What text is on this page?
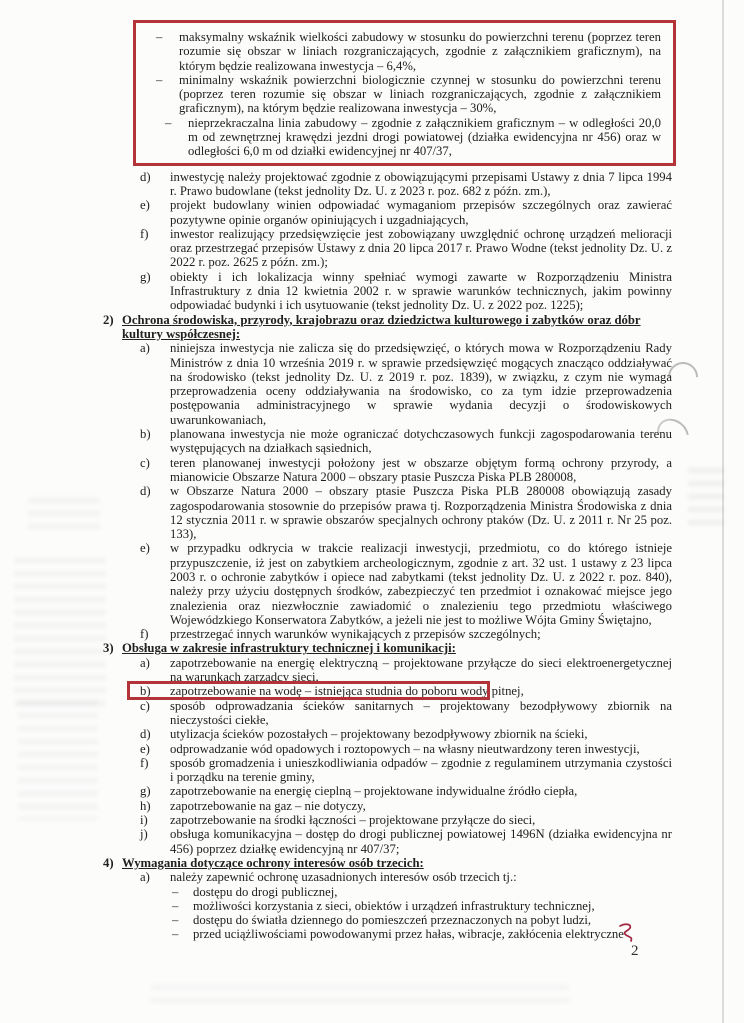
–	maksymalny wskaźnik wielkości zabudowy w stosunku do powierzchni terenu (poprzez teren rozumie się obszar w liniach rozgraniczających, zgodnie z załącznikiem graficznym), na którym będzie realizowana inwestycja – 6,4%,
–	minimalny wskaźnik powierzchni biologicznie czynnej w stosunku do powierzchni terenu (poprzez teren rozumie się obszar w liniach rozgraniczających, zgodnie z załącznikiem graficznym), na którym będzie realizowana inwestycja – 30%,
–	nieprzekraczalna linia zabudowy – zgodnie z załącznikiem graficznym – w odległości 20,0 m od zewnętrznej krawędzi jezdni drogi powiatowej (działka ewidencyjna nr 456) oraz w odległości 6,0 m od działki ewidencyjnej nr 407/37,
d)	inwestycję należy projektować zgodnie z obowiązującymi przepisami Ustawy z dnia 7 lipca 1994 r. Prawo budowlane (tekst jednolity Dz. U. z 2023 r. poz. 682 z późn. zm.),
e)	projekt budowlany winien odpowiadać wymaganiom przepisów szczególnych oraz zawierać pozytywne opinie organów opiniujących i uzgadniających,
f)	inwestor realizujący przedsięwzięcie jest zobowiązany uwzględnić ochronę urządzeń melioracji oraz przestrzegać przepisów Ustawy z dnia 20 lipca 2017 r. Prawo Wodne (tekst jednolity Dz. U. z 2022 r. poz. 2625 z późn. zm.);
g)	obiekty i ich lokalizacja winny spełniać wymogi zawarte w Rozporządzeniu Ministra Infrastruktury z dnia 12 kwietnia 2002 r. w sprawie warunków technicznych, jakim powinny odpowiadać budynki i ich usytuowanie (tekst jednolity Dz. U. z 2022 poz. 1225);
2) Ochrona środowiska, przyrody, krajobrazu oraz dziedzictwa kulturowego i zabytków oraz dóbr kultury współczesnej:
a)	niniejsza inwestycja nie zalicza się do przedsięwzięć, o których mowa w Rozporządzeniu Rady Ministrów z dnia 10 września 2019 r. w sprawie przedsięwzięć mogących znacząco oddziaływać na środowisko (tekst jednolity Dz. U. z 2019 r. poz. 1839), w związku, z czym nie wymaga przeprowadzenia oceny oddziaływania na środowisko, co za tym idzie przeprowadzenia postępowania administracyjnego w sprawie wydania decyzji o środowiskowych uwarunkowaniach,
b)	planowana inwestycja nie może ograniczać dotychczasowych funkcji zagospodarowania terenu występujących na działkach sąsiednich,
c)	teren planowanej inwestycji położony jest w obszarze objętym formą ochrony przyrody, a mianowicie Obszarze Natura 2000 – obszary ptasie Puszcza Piska PLB 280008,
d)	w Obszarze Natura 2000 – obszary ptasie Puszcza Piska PLB 280008 obowiązują zasady zagospodarowania stosownie do przepisów prawa tj. Rozporządzenia Ministra Środowiska z dnia 12 stycznia 2011 r. w sprawie obszarów specjalnych ochrony ptaków (Dz. U. z 2011 r. Nr 25 poz. 133),
e)	w przypadku odkrycia w trakcie realizacji inwestycji, przedmiotu, co do którego istnieje przypuszczenie, iż jest on zabytkiem archeologicznym, zgodnie z art. 32 ust. 1 ustawy z 23 lipca 2003 r. o ochronie zabytków i opiece nad zabytkami (tekst jednolity Dz. U. z 2022 r. poz. 840), należy przy użyciu dostępnych środków, zabezpieczyć ten przedmiot i oznakować miejsce jego znalezienia oraz niezwłocznie zawiadomić o znalezieniu tego przedmiotu właściwego Wojewódzkiego Konserwatora Zabytków, a jeżeli nie jest to możliwe Wójta Gminy Świętajno,
f)	przestrzegać innych warunków wynikających z przepisów szczególnych;
3) Obsługa w zakresie infrastruktury technicznej i komunikacji:
a)	zapotrzebowanie na energię elektryczną – projektowane przyłącze do sieci elektroenergetycznej na warunkach zarządcy sieci,
b)	zapotrzebowanie na wodę – istniejąca studnia do poboru wody pitnej,
c)	sposób odprowadzania ścieków sanitarnych – projektowany bezodpływowy zbiornik na nieczystości ciekłe,
d)	utylizacja ścieków pozostałych – projektowany bezodpływowy zbiornik na ścieki,
e)	odprowadzanie wód opadowych i roztopowych – na własny nieutwardzony teren inwestycji,
f)	sposób gromadzenia i unieszkodliwiania odpadów – zgodnie z regulaminem utrzymania czystości i porządku na terenie gminy,
g)	zapotrzebowanie na energię cieplną – projektowane indywidualne źródło ciepła,
h)	zapotrzebowanie na gaz – nie dotyczy,
i)	zapotrzebowanie na środki łączności – projektowane przyłącze do sieci,
j)	obsługa komunikacyjna – dostęp do drogi publicznej powiatowej 1496N (działka ewidencyjna nr 456) poprzez działkę ewidencyjną nr 407/37;
4) Wymagania dotyczące ochrony interesów osób trzecich:
a)	należy zapewnić ochronę uzasadnionych interesów osób trzecich tj.:
–	dostępu do drogi publicznej,
–	możliwości korzystania z sieci, obiektów i urządzeń infrastruktury technicznej,
–	dostępu do światła dziennego do pomieszczeń przeznaczonych na pobyt ludzi,
–	przed uciążliwościami powodowanymi przez hałas, wibracje, zakłócenia elektryczne
2
